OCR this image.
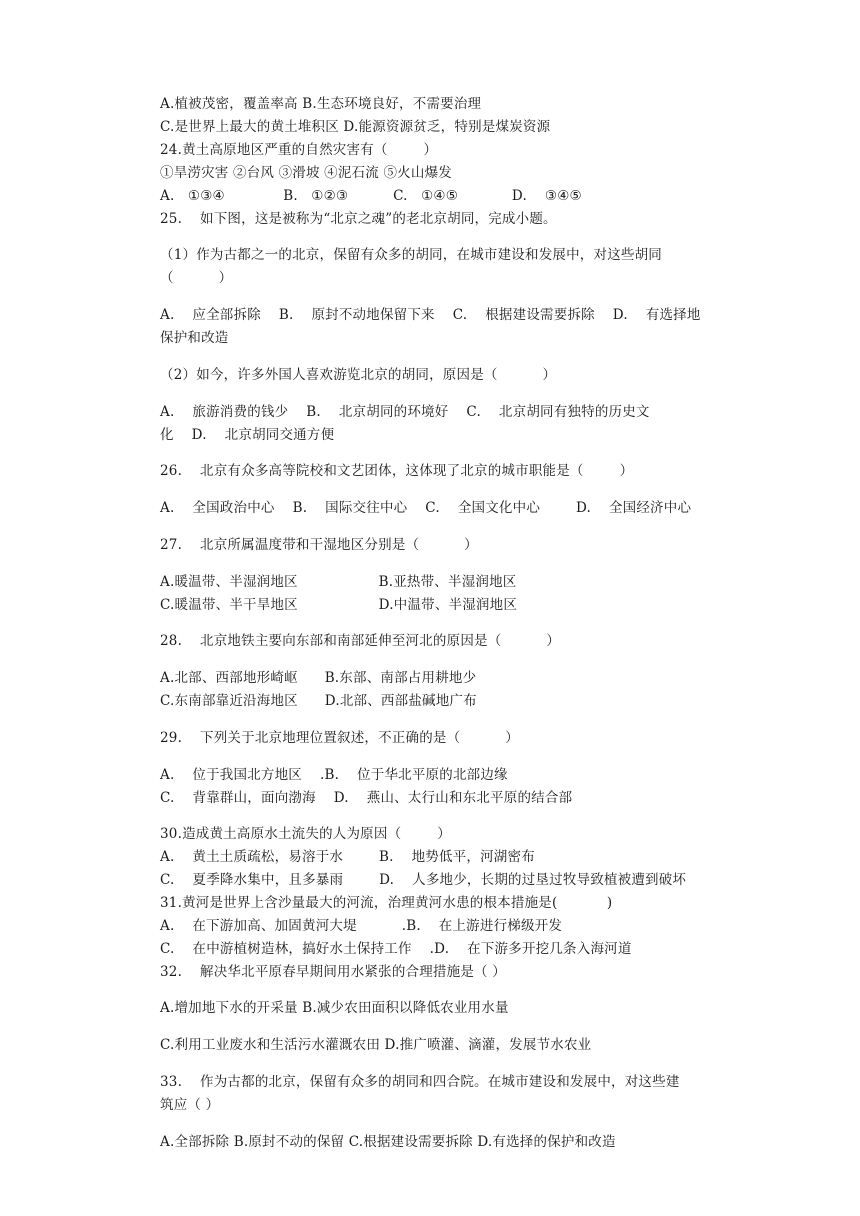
A.植被茂密，覆盖率高 B.生态环境良好，不需要治理
C.是世界上最大的黄土堆积区 D.能源资源贫乏，特别是煤炭资源
24.黄土高原地区严重的自然灾害有（        ）
①旱涝灾害 ②台风 ③滑坡 ④泥石流 ⑤火山爆发
A.   ①③④             B.   ①②③          C.   ①④⑤            D.    ③④⑤
25.    如下图，这是被称为“北京之魂”的老北京胡同，完成小题。
（1）作为古都之一的北京，保留有众多的胡同，在城市建设和发展中，对这些胡同
（          ）
A.    应全部拆除    B.    原封不动地保留下来    C.    根据建设需要拆除    D.    有选择地
保护和改造
（2）如今，许多外国人喜欢游览北京的胡同，原因是（          ）
A.    旅游消费的钱少    B.    北京胡同的环境好    C.    北京胡同有独特的历史文
化    D.    北京胡同交通方便
26.    北京有众多高等院校和文艺团体，这体现了北京的城市职能是（        ）
A.    全国政治中心    B.    国际交往中心    C.    全国文化中心        D.    全国经济中心
27.    北京所属温度带和干湿地区分别是（          ）
A.暖温带、半湿润地区                  B.亚热带、半湿润地区
C.暖温带、半干旱地区                  D.中温带、半湿润地区
28.    北京地铁主要向东部和南部延伸至河北的原因是（          ）
A.北部、西部地形崎岖      B.东部、南部占用耕地少
C.东南部靠近沿海地区      D.北部、西部盐碱地广布
29.    下列关于北京地理位置叙述，不正确的是（          ）
A.    位于我国北方地区    .B.    位于华北平原的北部边缘
C.    背靠群山，面向渤海    D.    燕山、太行山和东北平原的结合部
30.造成黄土高原水土流失的人为原因（        ）
A.    黄土土质疏松，易溶于水        B.    地势低平，河湖密布
C.    夏季降水集中，且多暴雨        D.    人多地少，长期的过垦过牧导致植被遭到破坏
31.黄河是世界上含沙量最大的河流，治理黄河水患的根本措施是(           )
A.    在下游加高、加固黄河大堤          .B.    在上游进行梯级开发
C.    在中游植树造林，搞好水土保持工作    .D.    在下游多开挖几条入海河道
32.    解决华北平原春早期间用水紧张的合理措施是（ ）
A.增加地下水的开采量 B.减少农田面积以降低农业用水量
C.利用工业废水和生活污水灌溉农田 D.推广喷灌、滴灌，发展节水农业
33.    作为古都的北京，保留有众多的胡同和四合院。在城市建设和发展中，对这些建
筑应（ ）
A.全部拆除 B.原封不动的保留 C.根据建设需要拆除 D.有选择的保护和改造
